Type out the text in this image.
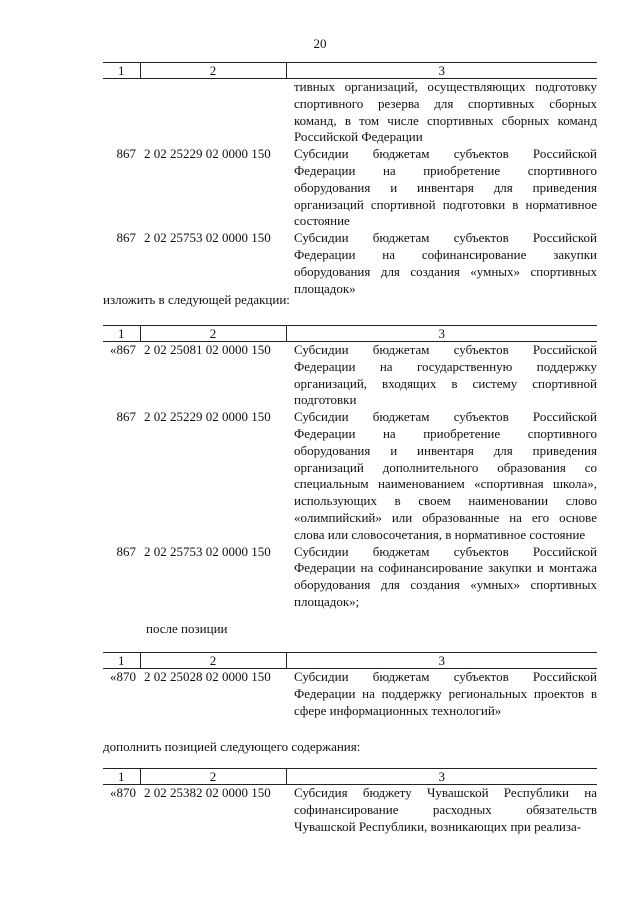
20
1	2	3
		тивных организаций, осуществляющих подготовку спортивного резерва для спортивных сборных команд, в том числе спортивных сборных команд Российской Федерации
867	2 02 25229 02 0000 150	Субсидии бюджетам субъектов Российской Федерации на приобретение спортивного оборудования и инвентаря для приведения организаций спортивной подготовки в нормативное состояние
867	2 02 25753 02 0000 150	Субсидии бюджетам субъектов Российской Федерации на софинансирование закупки оборудования для создания «умных» спортивных площадок»

изложить в следующей редакции:

1	2	3
«867	2 02 25081 02 0000 150	Субсидии бюджетам субъектов Российской Федерации на государственную поддержку организаций, входящих в систему спортивной подготовки
867	2 02 25229 02 0000 150	Субсидии бюджетам субъектов Российской Федерации на приобретение спортивного оборудования и инвентаря для приведения организаций дополнительного образования со специальным наименованием «спортивная школа», использующих в своем наименовании слово «олимпийский» или образованные на его основе слова или словосочетания, в нормативное состояние
867	2 02 25753 02 0000 150	Субсидии бюджетам субъектов Российской Федерации на софинансирование закупки и монтажа оборудования для создания «умных» спортивных площадок»;

после позиции

1	2	3
«870	2 02 25028 02 0000 150	Субсидии бюджетам субъектов Российской Федерации на поддержку региональных проектов в сфере информационных технологий»

дополнить позицией следующего содержания:

1	2	3
«870	2 02 25382 02 0000 150	Субсидия бюджету Чувашской Республики на софинансирование расходных обязательств Чувашской Республики, возникающих при реализа-
